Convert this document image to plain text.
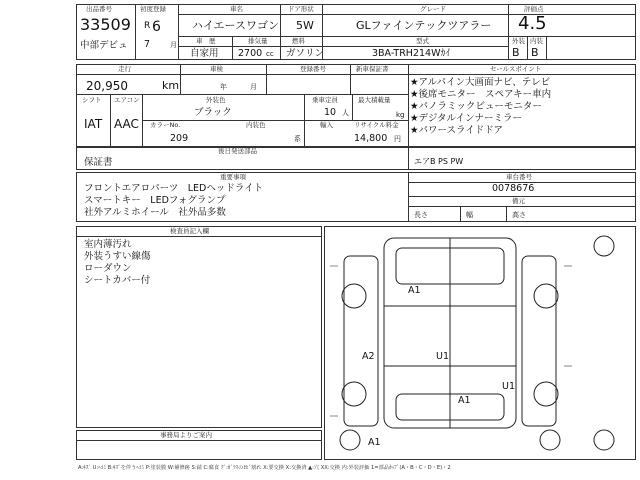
出品番号
33509
中部デビュ
初度登録
R 6
7	月
車名
ハイエースワゴン
ドア形状
5W
グレード
GLファインテックツアラー
評価点
4.5
外装 内装
B B
車　歴
自家用
排気量
2700 cc
燃料
ガソリン
型式
3BA-TRH214Wｶｲ
走行
20,950	km
車検
年	月
登録番号	新車保証書	セールスポイント
★アルパイン大画面ナビ、テレビ
★後席モニター　スペアキー車内
★パノラミックビューモニター
★デジタルインナーミラー
★パワースライドドア
シフト エアコン
IAT AAC
外装色
ブラック
カラーNo.	内装色
209	系
乗車定員
10 人
最大積載量
kg
輸入	リサイクル料金
14,800 円
後日発送部品
保証書	エアB PS PW
重要事項
フロントエアロパーツ　LEDヘッドライト
スマートキー　LEDフォグランプ
社外アルミホイール　社外品多数
車台番号
0078676
備元
長さ	幅	高さ
検査員記入欄
室内薄汚れ
外装うすい線傷
ローダウン
シートカバー付
事務局よりご案内
A1
A2	U1
U1
A1
A1
A:ｷｽﾞ U:ﾍｺﾐ B:ｷｽﾞを伴うﾍｺﾐ P:塗装膜 W:補修跡 S:錆 C:腐食 ｸﾞ:ｶﾞﾗｽのﾋﾋﾞ割れ X:要交換 X:交換済 ▲:穴 XX:交換 内:外装評価 1=部品ｶｯﾌﾟ(A・B・C・D・E)・2
